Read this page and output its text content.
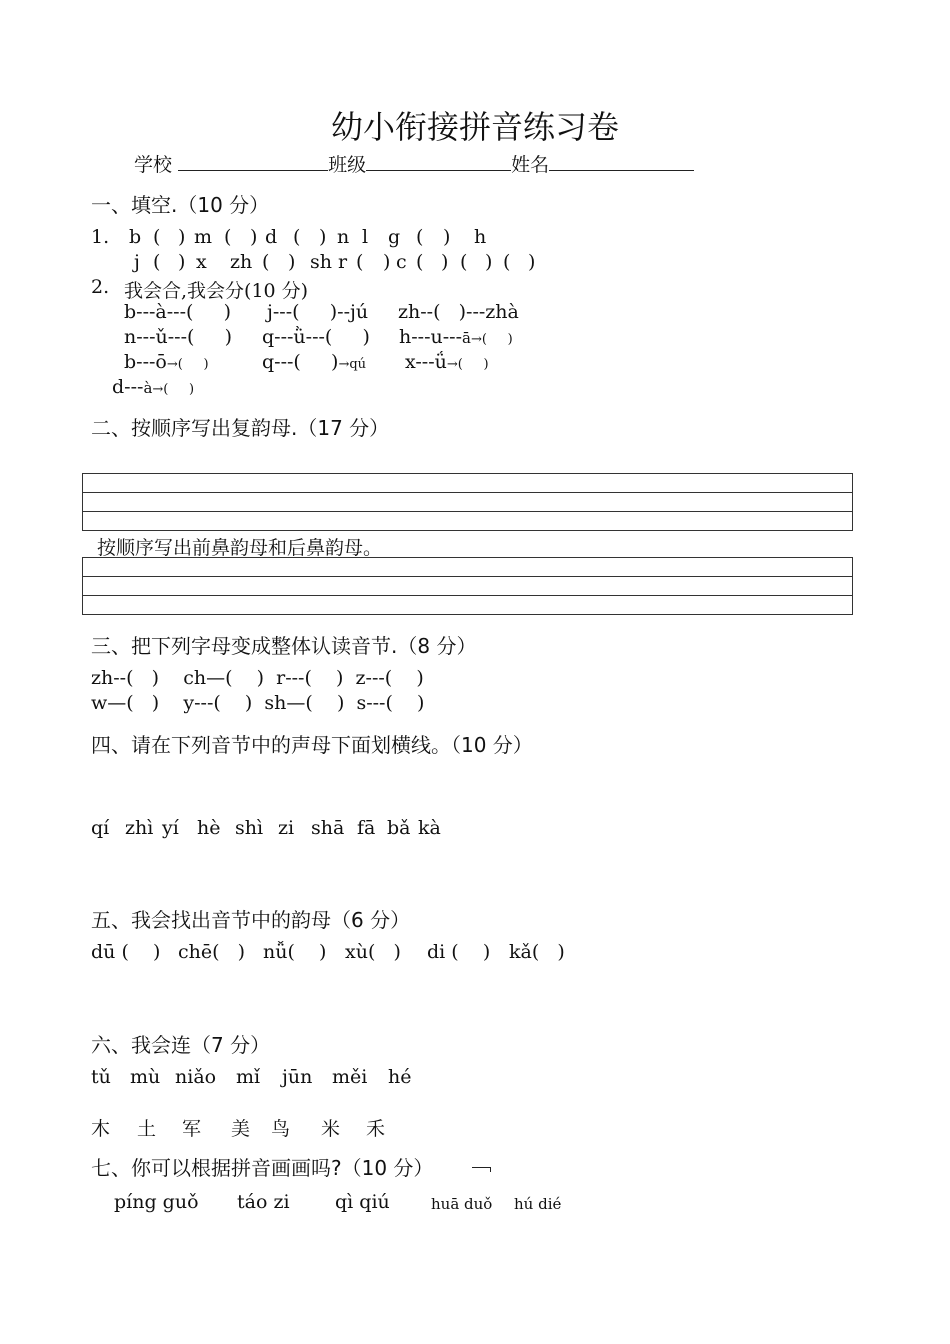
幼小衔接拼音练习卷
学校	班级	姓名
一、填空.（10 分）
1. b ( ) m ( ) d ( ) n l g ( ) h
j ( ) x zh ( ) sh r ( ) c ( ) ( ) ( )
2. 我会合,我会分(10 分)
b---à---(     ) j---(     )--jú zh--(   )---zhà
n---ǔ---(     ) q---ǜ---(     ) h---u---ā→(     )
b---ō→(     )	q---(     )→qú x---ǘ→(     )
d---à→(     )
二、按顺序写出复韵母.（17 分）
按顺序写出前鼻韵母和后鼻韵母。
三、把下列字母变成整体认读音节.（8 分）
zh--(   )    ch—(    )  r---(    )  z---(    )
w—(   )    y---(    )  sh—(    )  s---(    )
四、请在下列音节中的声母下面划横线。（10 分）
qí zhì yí hè shì zi shā fā bǎ kà
五、我会找出音节中的韵母（6 分）
dū (    ) chē(   ) nǚ(    ) xù(   ) di (    ) kǎ(   )
六、我会连（7 分）
tǔ mù niǎo mǐ jūn měi hé
木 土 军 美 鸟 米 禾
七、你可以根据拼音画画吗?（10 分）
píng guǒ táo zi qì qiú	huā duǒ hú dié
